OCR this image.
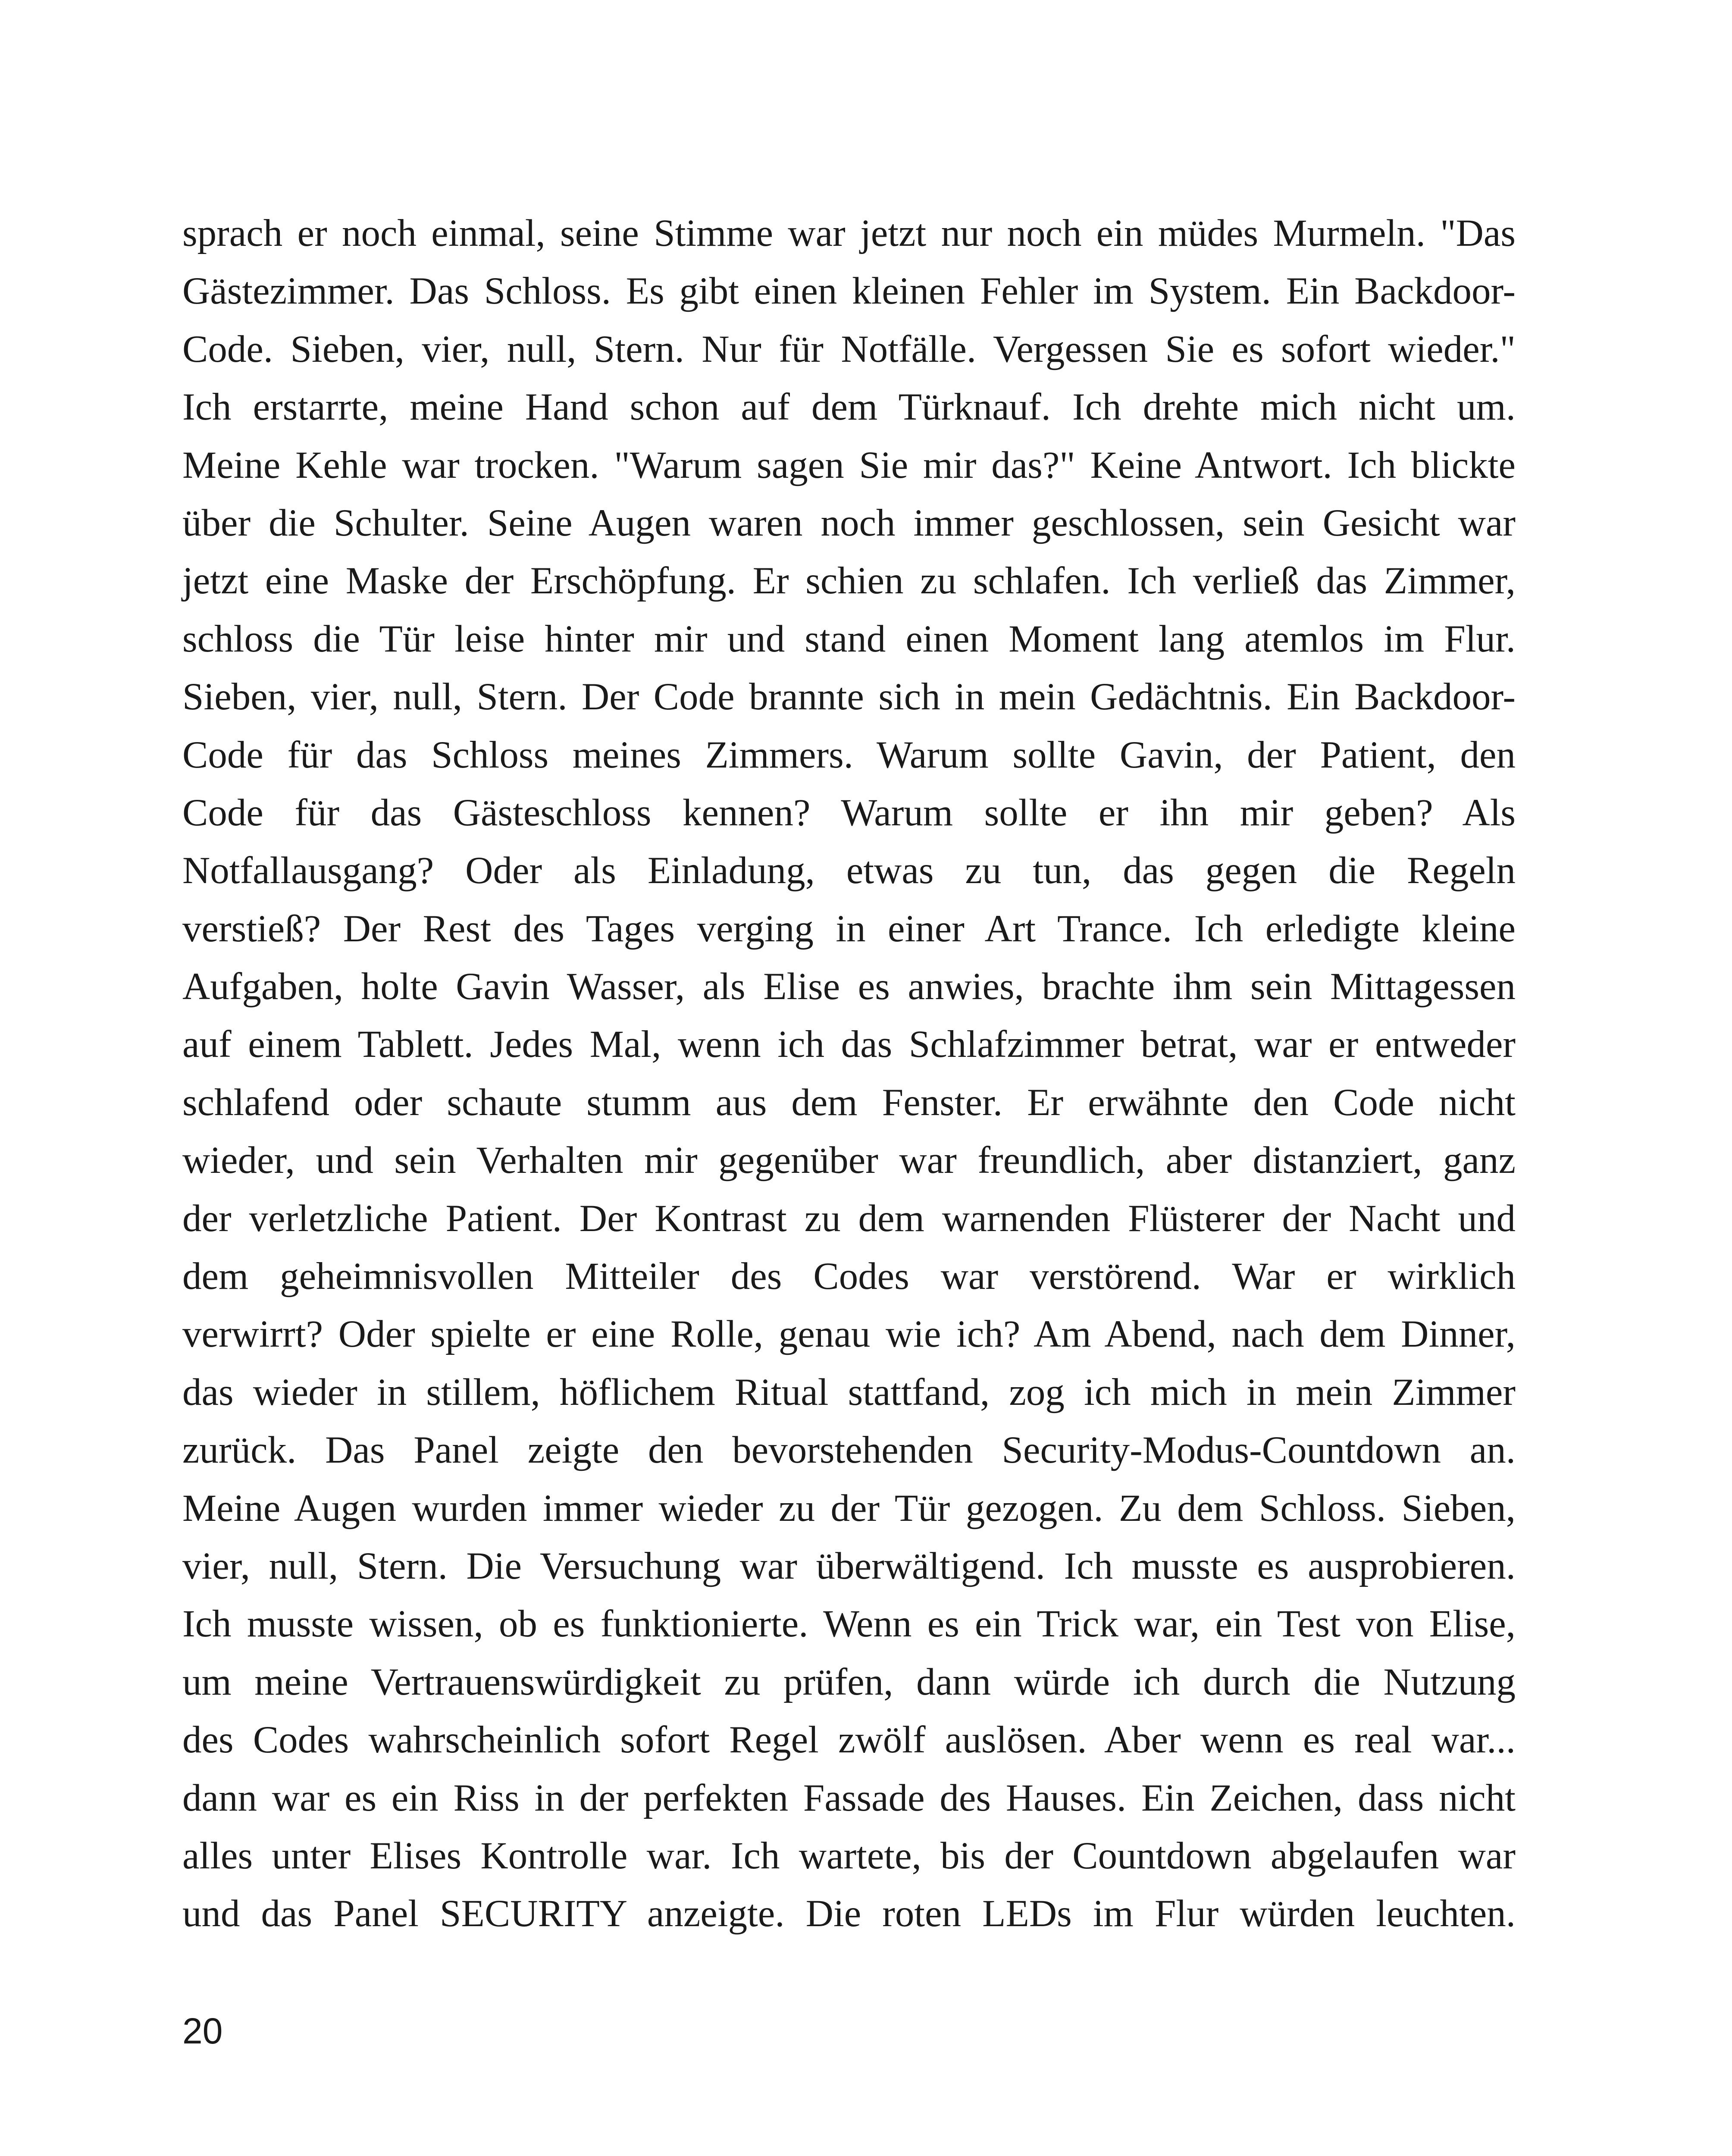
sprach er noch einmal, seine Stimme war jetzt nur noch ein müdes Murmeln. "Das
Gästezimmer. Das Schloss. Es gibt einen kleinen Fehler im System. Ein Backdoor-
Code. Sieben, vier, null, Stern. Nur für Notfälle. Vergessen Sie es sofort wieder."
Ich erstarrte, meine Hand schon auf dem Türknauf. Ich drehte mich nicht um.
Meine Kehle war trocken. "Warum sagen Sie mir das?" Keine Antwort. Ich blickte
über die Schulter. Seine Augen waren noch immer geschlossen, sein Gesicht war
jetzt eine Maske der Erschöpfung. Er schien zu schlafen. Ich verließ das Zimmer,
schloss die Tür leise hinter mir und stand einen Moment lang atemlos im Flur.
Sieben, vier, null, Stern. Der Code brannte sich in mein Gedächtnis. Ein Backdoor-
Code für das Schloss meines Zimmers. Warum sollte Gavin, der Patient, den
Code für das Gästeschloss kennen? Warum sollte er ihn mir geben? Als
Notfallausgang? Oder als Einladung, etwas zu tun, das gegen die Regeln
verstieß? Der Rest des Tages verging in einer Art Trance. Ich erledigte kleine
Aufgaben, holte Gavin Wasser, als Elise es anwies, brachte ihm sein Mittagessen
auf einem Tablett. Jedes Mal, wenn ich das Schlafzimmer betrat, war er entweder
schlafend oder schaute stumm aus dem Fenster. Er erwähnte den Code nicht
wieder, und sein Verhalten mir gegenüber war freundlich, aber distanziert, ganz
der verletzliche Patient. Der Kontrast zu dem warnenden Flüsterer der Nacht und
dem geheimnisvollen Mitteiler des Codes war verstörend. War er wirklich
verwirrt? Oder spielte er eine Rolle, genau wie ich? Am Abend, nach dem Dinner,
das wieder in stillem, höflichem Ritual stattfand, zog ich mich in mein Zimmer
zurück. Das Panel zeigte den bevorstehenden Security-Modus-Countdown an.
Meine Augen wurden immer wieder zu der Tür gezogen. Zu dem Schloss. Sieben,
vier, null, Stern. Die Versuchung war überwältigend. Ich musste es ausprobieren.
Ich musste wissen, ob es funktionierte. Wenn es ein Trick war, ein Test von Elise,
um meine Vertrauenswürdigkeit zu prüfen, dann würde ich durch die Nutzung
des Codes wahrscheinlich sofort Regel zwölf auslösen. Aber wenn es real war...
dann war es ein Riss in der perfekten Fassade des Hauses. Ein Zeichen, dass nicht
alles unter Elises Kontrolle war. Ich wartete, bis der Countdown abgelaufen war
und das Panel SECURITY anzeigte. Die roten LEDs im Flur würden leuchten.
20
